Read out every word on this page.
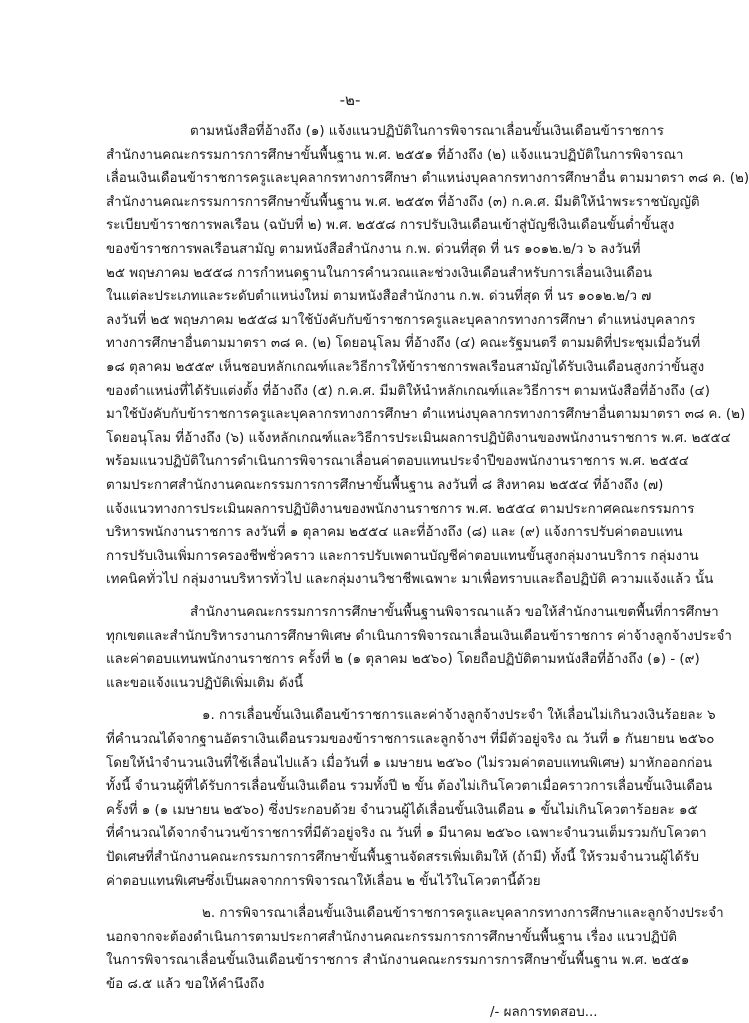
-๒-
ตามหนังสือที่อ้างถึง (๑) แจ้งแนวปฏิบัติในการพิจารณาเลื่อนขั้นเงินเดือนข้าราชการ
สำนักงานคณะกรรมการการศึกษาขั้นพื้นฐาน พ.ศ. ๒๕๕๑ ที่อ้างถึง (๒) แจ้งแนวปฏิบัติในการพิจารณา
เลื่อนเงินเดือนข้าราชการครูและบุคลากรทางการศึกษา ตำแหน่งบุคลากรทางการศึกษาอื่น ตามมาตรา ๓๘ ค. (๒)
สำนักงานคณะกรรมการการศึกษาขั้นพื้นฐาน พ.ศ. ๒๕๕๓ ที่อ้างถึง (๓) ก.ค.ศ. มีมติให้นำพระราชบัญญัติ
ระเบียบข้าราชการพลเรือน (ฉบับที่ ๒) พ.ศ. ๒๕๕๘ การปรับเงินเดือนเข้าสู่บัญชีเงินเดือนขั้นต่ำขั้นสูง
ของข้าราชการพลเรือนสามัญ ตามหนังสือสำนักงาน ก.พ. ด่วนที่สุด ที่ นร ๑๐๑๒.๒/ว ๖ ลงวันที่
๒๕ พฤษภาคม ๒๕๕๘ การกำหนดฐานในการคำนวณและช่วงเงินเดือนสำหรับการเลื่อนเงินเดือน
ในแต่ละประเภทและระดับตำแหน่งใหม่ ตามหนังสือสำนักงาน ก.พ. ด่วนที่สุด ที่ นร ๑๐๑๒.๒/ว ๗
ลงวันที่ ๒๕ พฤษภาคม ๒๕๕๘ มาใช้บังคับกับข้าราชการครูและบุคลากรทางการศึกษา ตำแหน่งบุคลากร
ทางการศึกษาอื่นตามมาตรา ๓๘ ค. (๒) โดยอนุโลม ที่อ้างถึง (๔) คณะรัฐมนตรี ตามมติที่ประชุมเมื่อวันที่
๑๘ ตุลาคม ๒๕๕๙ เห็นชอบหลักเกณฑ์และวิธีการให้ข้าราชการพลเรือนสามัญได้รับเงินเดือนสูงกว่าขั้นสูง
ของตำแหน่งที่ได้รับแต่งตั้ง ที่อ้างถึง (๕) ก.ค.ศ. มีมติให้นำหลักเกณฑ์และวิธีการฯ ตามหนังสือที่อ้างถึง (๔)
มาใช้บังคับกับข้าราชการครูและบุคลากรทางการศึกษา ตำแหน่งบุคลากรทางการศึกษาอื่นตามมาตรา ๓๘ ค. (๒)
โดยอนุโลม ที่อ้างถึง (๖) แจ้งหลักเกณฑ์และวิธีการประเมินผลการปฏิบัติงานของพนักงานราชการ พ.ศ. ๒๕๕๔
พร้อมแนวปฏิบัติในการดำเนินการพิจารณาเลื่อนค่าตอบแทนประจำปีของพนักงานราชการ พ.ศ. ๒๕๕๔
ตามประกาศสำนักงานคณะกรรมการการศึกษาขั้นพื้นฐาน ลงวันที่ ๘ สิงหาคม ๒๕๕๔ ที่อ้างถึง (๗)
แจ้งแนวทางการประเมินผลการปฏิบัติงานของพนักงานราชการ พ.ศ. ๒๕๕๔ ตามประกาศคณะกรรมการ
บริหารพนักงานราชการ ลงวันที่ ๑ ตุลาคม ๒๕๕๔ และที่อ้างถึง (๘) และ (๙) แจ้งการปรับค่าตอบแทน
การปรับเงินเพิ่มการครองชีพชั่วคราว และการปรับเพดานบัญชีค่าตอบแทนขั้นสูงกลุ่มงานบริการ กลุ่มงาน
เทคนิคทั่วไป กลุ่มงานบริหารทั่วไป และกลุ่มงานวิชาชีพเฉพาะ มาเพื่อทราบและถือปฏิบัติ ความแจ้งแล้ว นั้น
สำนักงานคณะกรรมการการศึกษาขั้นพื้นฐานพิจารณาแล้ว ขอให้สำนักงานเขตพื้นที่การศึกษา
ทุกเขตและสำนักบริหารงานการศึกษาพิเศษ ดำเนินการพิจารณาเลื่อนเงินเดือนข้าราชการ ค่าจ้างลูกจ้างประจำ
และค่าตอบแทนพนักงานราชการ ครั้งที่ ๒ (๑ ตุลาคม ๒๕๖๐) โดยถือปฏิบัติตามหนังสือที่อ้างถึง (๑) - (๙)
และขอแจ้งแนวปฏิบัติเพิ่มเติม ดังนี้
๑. การเลื่อนขั้นเงินเดือนข้าราชการและค่าจ้างลูกจ้างประจำ ให้เลื่อนไม่เกินวงเงินร้อยละ ๖
ที่คำนวณได้จากฐานอัตราเงินเดือนรวมของข้าราชการและลูกจ้างฯ ที่มีตัวอยู่จริง ณ วันที่ ๑ กันยายน ๒๕๖๐
โดยให้นำจำนวนเงินที่ใช้เลื่อนไปแล้ว เมื่อวันที่ ๑ เมษายน ๒๕๖๐ (ไม่รวมค่าตอบแทนพิเศษ) มาหักออกก่อน
ทั้งนี้ จำนวนผู้ที่ได้รับการเลื่อนขั้นเงินเดือน รวมทั้งปี ๒ ขั้น ต้องไม่เกินโควตาเมื่อคราวการเลื่อนขั้นเงินเดือน
ครั้งที่ ๑ (๑ เมษายน ๒๕๖๐) ซึ่งประกอบด้วย จำนวนผู้ได้เลื่อนขั้นเงินเดือน ๑ ขั้นไม่เกินโควตาร้อยละ ๑๕
ที่คำนวณได้จากจำนวนข้าราชการที่มีตัวอยู่จริง ณ วันที่ ๑ มีนาคม ๒๕๖๐ เฉพาะจำนวนเต็มรวมกับโควตา
ปัดเศษที่สำนักงานคณะกรรมการการศึกษาขั้นพื้นฐานจัดสรรเพิ่มเติมให้ (ถ้ามี) ทั้งนี้ ให้รวมจำนวนผู้ได้รับ
ค่าตอบแทนพิเศษซึ่งเป็นผลจากการพิจารณาให้เลื่อน ๒ ขั้นไว้ในโควตานี้ด้วย
๒. การพิจารณาเลื่อนขั้นเงินเดือนข้าราชการครูและบุคลากรทางการศึกษาและลูกจ้างประจำ
นอกจากจะต้องดำเนินการตามประกาศสำนักงานคณะกรรมการการศึกษาขั้นพื้นฐาน เรื่อง แนวปฏิบัติ
ในการพิจารณาเลื่อนขั้นเงินเดือนข้าราชการ สำนักงานคณะกรรมการการศึกษาขั้นพื้นฐาน พ.ศ. ๒๕๕๑
ข้อ ๘.๕ แล้ว ขอให้คำนึงถึง
/- ผลการทดสอบ...
